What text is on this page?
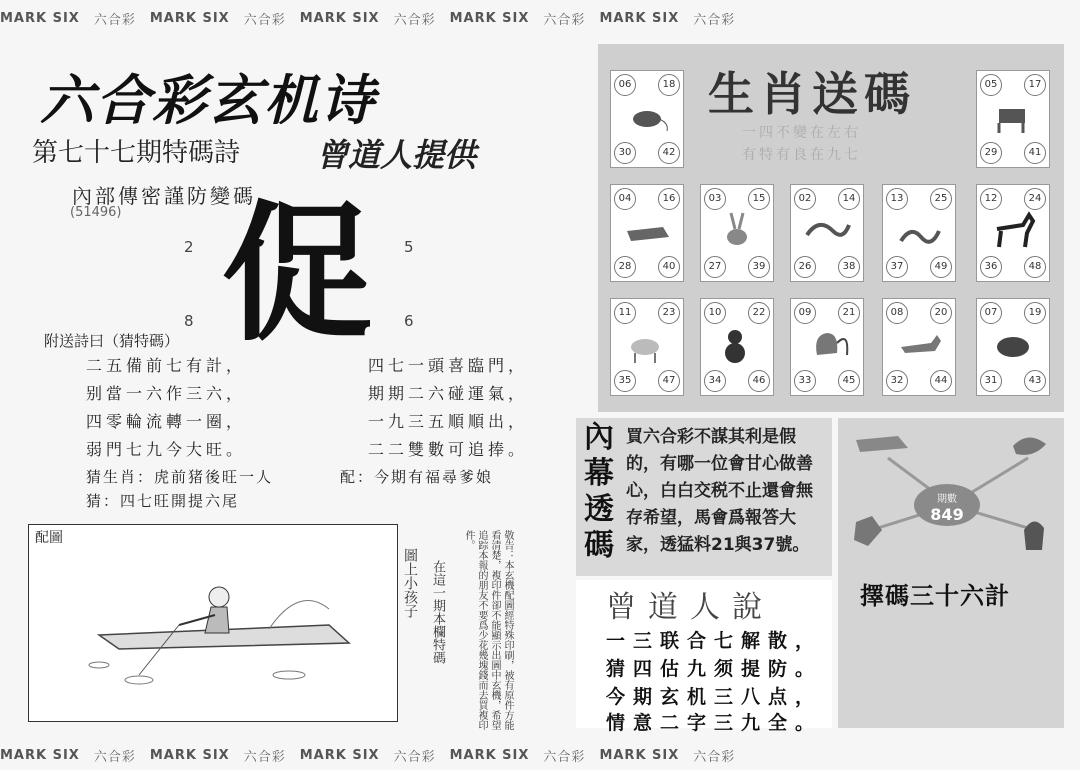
MARK SIX 六合彩 MARK SIX 六合彩 MARK SIX 六合彩 MARK SIX 六合彩 MARK SIX 六合彩
MARK SIX 六合彩 MARK SIX 六合彩 MARK SIX 六合彩 MARK SIX 六合彩 MARK SIX 六合彩
六合彩玄机诗
第七十七期特碼詩 曾道人提供
內部傳密謹防變碼
(51496)
2	5
8	6
促
附送詩曰（猜特碼）
二五備前七有計，
别當一六作三六，
四零輪流轉一圈，
弱門七九今大旺。
四七一頭喜臨門，
期期二六碰運氣，
一九三五順順出，
二二雙數可追捧。
猜生肖：虎前猪後旺一人
猜：四七旺開提六尾
配：今期有福尋爹娘
配圖
圖上小孩子 在這一期本欄特碼	敬告：本玄機配圖經特殊印刷，被有原件方能看清楚，複印件卻不能顯示出圖中玄機，希望追踪本報的朋友不要爲少花幾塊錢而去買複印件。
生肖送碼
一四不變在左右
有特有良在九七
06	18
30	42
05	17
29	41
04	16
28	40
03	15
27	39
02	14
26	38
13	25
37	49
12	24
36	48
11	23
35	47
10	22
34	46
09	21
33	45
08	20
32	44
07	19
31	43
內幕透碼
買六合彩不謀其利是假的，有哪一位會甘心做善心，白白交税不止還會無存希望，馬會爲報答大家，透猛料21與37號。
曾道人說
一三联合七解散，
猜四估九须提防。
今期玄机三八点，
情意二字三九全。
期數
849
擇碼三十六計
